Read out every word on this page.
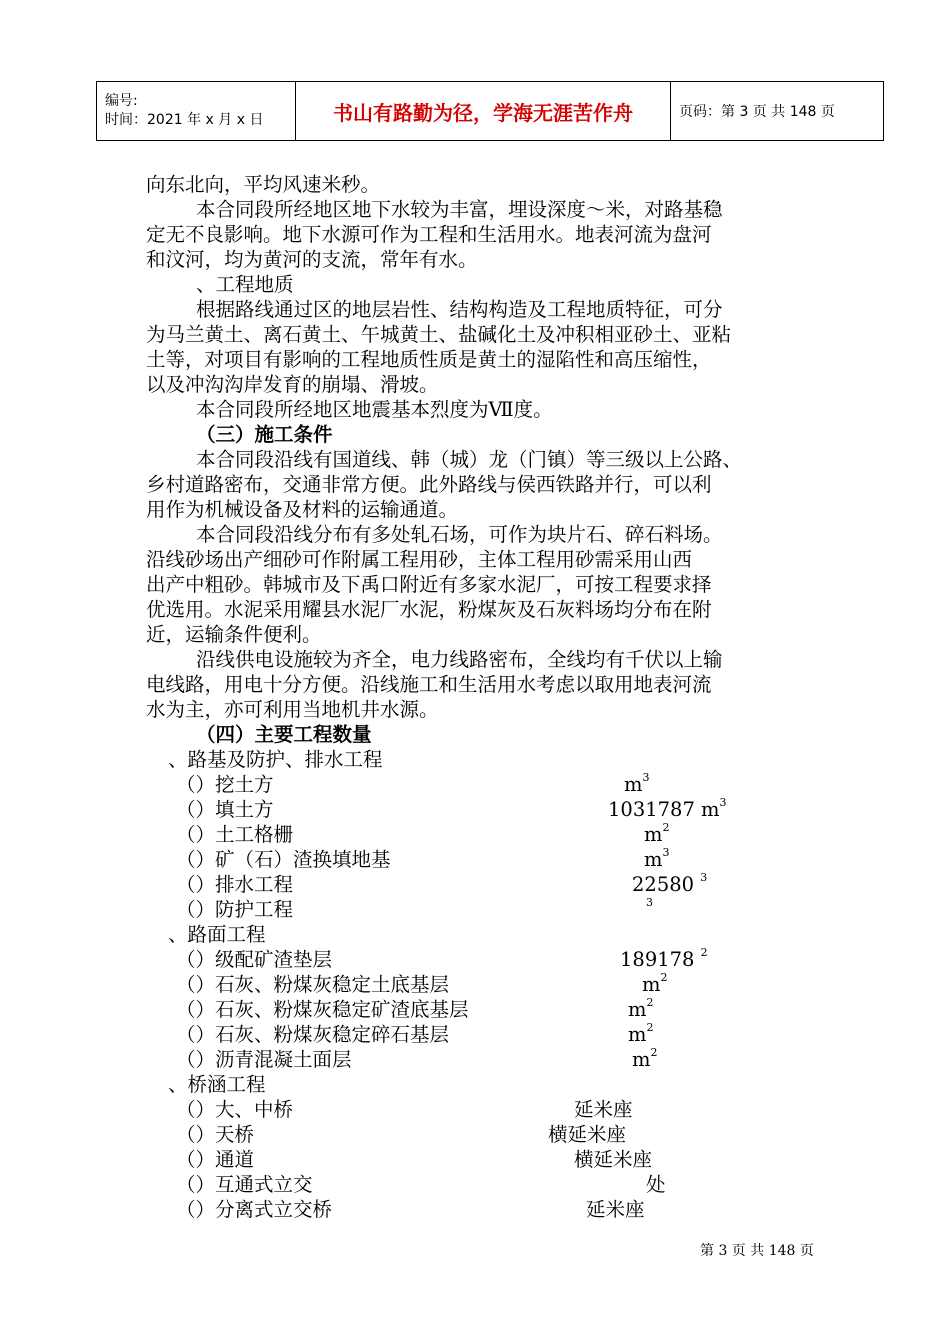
编号:
时间：2021 年 x 月 x 日	书山有路勤为径，学海无涯苦作舟	页码：第 3 页 共 148 页
向东北向，平均风速米秒。
本合同段所经地区地下水较为丰富，埋设深度～米，对路基稳
定无不良影响。地下水源可作为工程和生活用水。地表河流为盘河
和汶河，均为黄河的支流，常年有水。
、工程地质
根据路线通过区的地层岩性、结构构造及工程地质特征，可分
为马兰黄土、离石黄土、午城黄土、盐碱化土及冲积相亚砂土、亚粘
土等，对项目有影响的工程地质性质是黄土的湿陷性和高压缩性，
以及冲沟沟岸发育的崩塌、滑坡。
本合同段所经地区地震基本烈度为Ⅶ度。
（三）施工条件
本合同段沿线有国道线、韩（城）龙（门镇）等三级以上公路、
乡村道路密布，交通非常方便。此外路线与侯西铁路并行，可以利
用作为机械设备及材料的运输通道。
本合同段沿线分布有多处轧石场，可作为块片石、碎石料场。
沿线砂场出产细砂可作附属工程用砂，主体工程用砂需采用山西
出产中粗砂。韩城市及下禹口附近有多家水泥厂，可按工程要求择
优选用。水泥采用耀县水泥厂水泥，粉煤灰及石灰料场均分布在附
近，运输条件便利。
沿线供电设施较为齐全，电力线路密布，全线均有千伏以上输
电线路，用电十分方便。沿线施工和生活用水考虑以取用地表河流
水为主，亦可利用当地机井水源。
（四）主要工程数量
、路基及防护、排水工程
（）挖土方	$m^3$
（）填土方	1031787 $m^3$
（）土工格栅	$m^2$
（）矿（石）渣换填地基	$m^3$
（）排水工程	22580 $^3$
（）防护工程	$^3$
、路面工程
（）级配矿渣垫层	189178 $^2$
（）石灰、粉煤灰稳定土底基层	$m^2$
（）石灰、粉煤灰稳定矿渣底基层	$m^2$
（）石灰、粉煤灰稳定碎石基层	$m^2$
（）沥青混凝土面层	$m^2$
、桥涵工程
（）大、中桥	延米座
（）天桥	横延米座
（）通道	横延米座
（）互通式立交	处
（）分离式立交桥	延米座
第 3 页 共 148 页
